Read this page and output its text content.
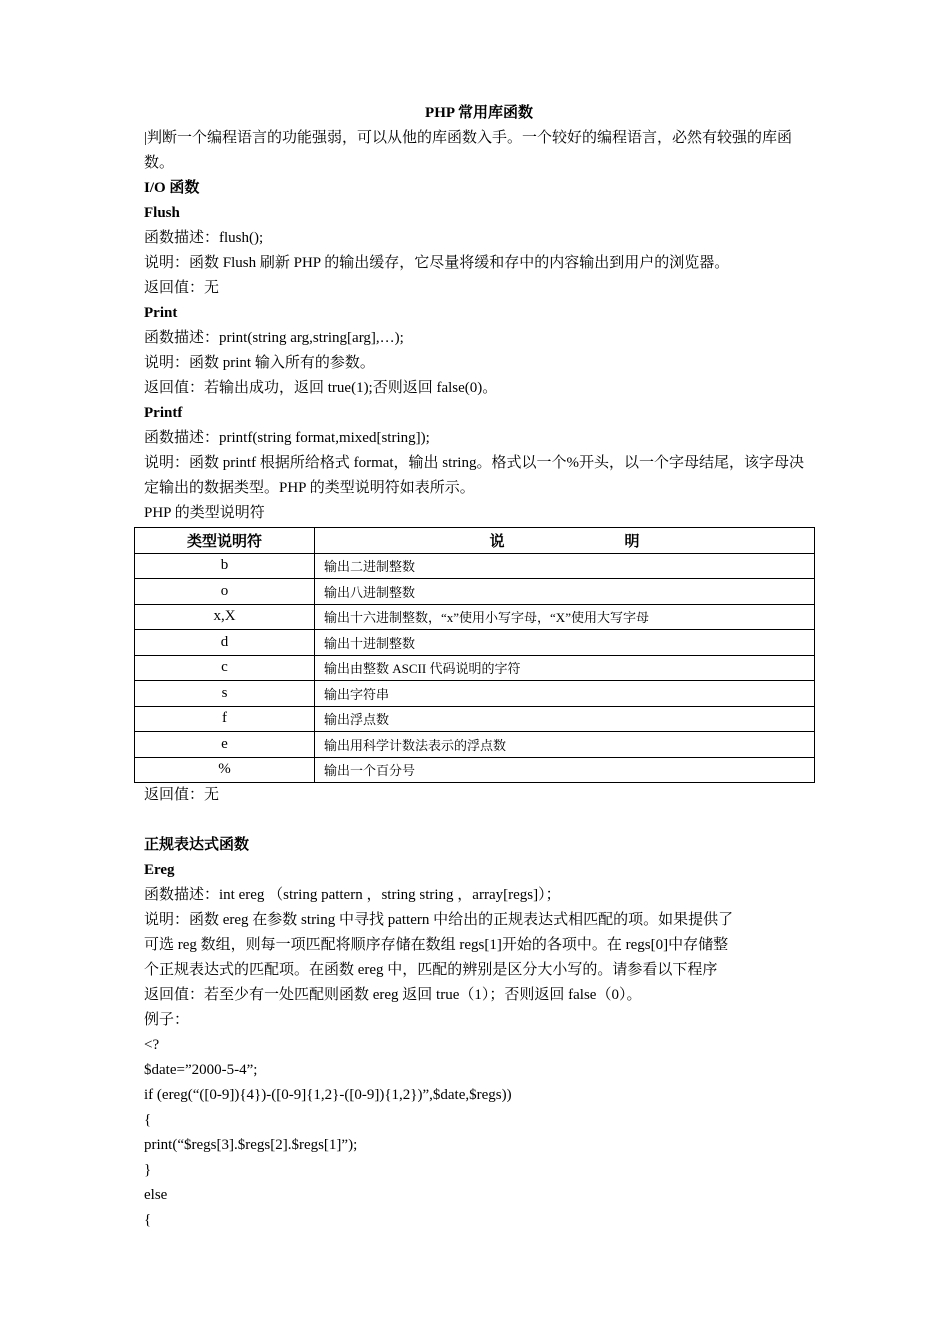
PHP 常用库函数
|判断一个编程语言的功能强弱，可以从他的库函数入手。一个较好的编程语言，必然有较强的库函数。
I/O 函数
Flush
函数描述：flush();
说明：函数 Flush 刷新 PHP 的输出缓存，它尽量将缓和存中的内容输出到用户的浏览器。
返回值：无
Print
函数描述：print(string arg,string[arg],…);
说明：函数 print 输入所有的参数。
返回值：若输出成功，返回 true(1);否则返回 false(0)。
Printf
函数描述：printf(string format,mixed[string]);
说明：函数 printf 根据所给格式 format，输出 string。格式以一个%开头，以一个字母结尾，该字母决定输出的数据类型。PHP 的类型说明符如表所示。
PHP 的类型说明符
类型说明符	说　　　　　　　　明
b	输出二进制整数
o	输出八进制整数
x,X	输出十六进制整数，“x”使用小写字母，“X”使用大写字母
d	输出十进制整数
c	输出由整数 ASCII 代码说明的字符
s	输出字符串
f	输出浮点数
e	输出用科学计数法表示的浮点数
%	输出一个百分号
返回值：无
正规表达式函数
Ereg
函数描述：int ereg （string pattern ，string string ，array[regs]）；
说明：函数 ereg 在参数 string 中寻找 pattern 中给出的正规表达式相匹配的项。如果提供了
可选 reg 数组，则每一项匹配将顺序存储在数组 regs[1]开始的各项中。在 regs[0]中存储整
个正规表达式的匹配项。在函数 ereg 中，匹配的辨别是区分大小写的。请参看以下程序
返回值：若至少有一处匹配则函数 ereg 返回 true（1）；否则返回 false（0）。
例子：
<?
$date=”2000-5-4”;
if (ereg(“([0-9]){4})-([0-9]{1,2}-([0-9]){1,2})”,$date,$regs))
{
print(“$regs[3].$regs[2].$regs[1]”);
}
else
{
